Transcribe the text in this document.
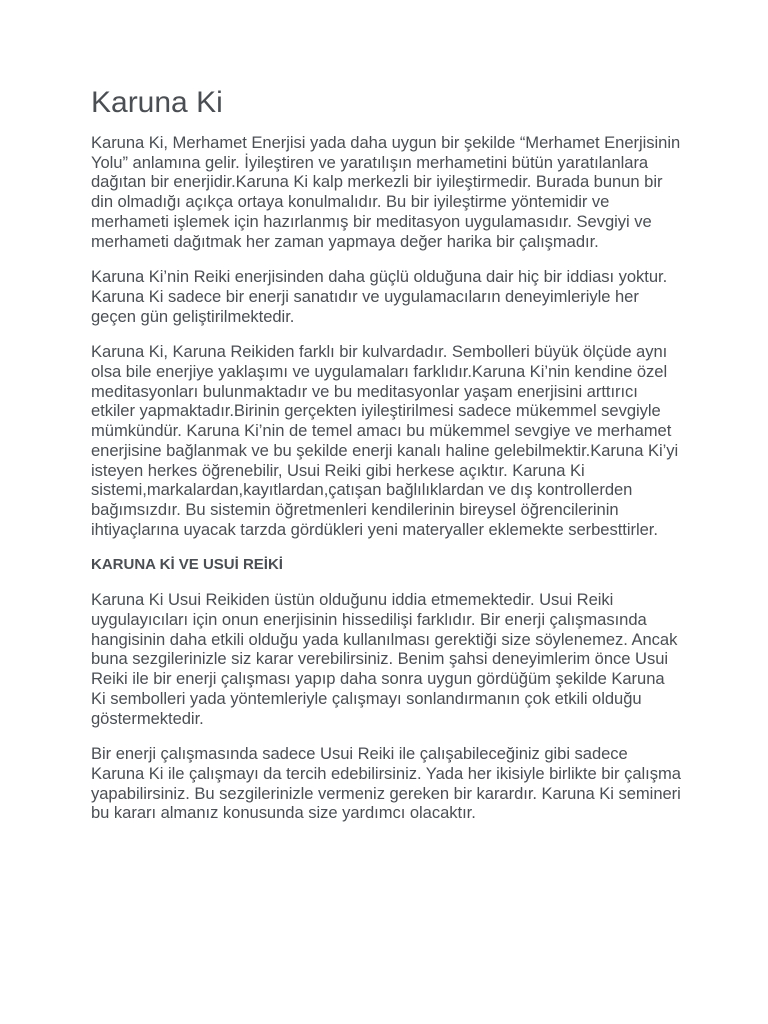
Karuna Ki

Karuna Ki, Merhamet Enerjisi yada daha uygun bir şekilde “Merhamet Enerjisinin Yolu” anlamına gelir. İyileştiren ve yaratılışın merhametini bütün yaratılanlara dağıtan bir enerjidir.Karuna Ki kalp merkezli bir iyileştirmedir. Burada bunun bir din olmadığı açıkça ortaya konulmalıdır. Bu bir iyileştirme yöntemidir ve merhameti işlemek için hazırlanmış bir meditasyon uygulamasıdır. Sevgiyi ve merhameti dağıtmak her zaman yapmaya değer harika bir çalışmadır.

Karuna Ki’nin Reiki enerjisinden daha güçlü olduğuna dair hiç bir iddiası yoktur. Karuna Ki sadece bir enerji sanatıdır ve uygulamacıların deneyimleriyle her geçen gün geliştirilmektedir.

Karuna Ki, Karuna Reikiden farklı bir kulvardadır. Sembolleri büyük ölçüde aynı olsa bile enerjiye yaklaşımı ve uygulamaları farklıdır.Karuna Ki’nin kendine özel meditasyonları bulunmaktadır ve bu meditasyonlar yaşam enerjisini arttırıcı etkiler yapmaktadır.Birinin gerçekten iyileştirilmesi sadece mükemmel sevgiyle mümkündür. Karuna Ki’nin de temel amacı bu mükemmel sevgiye ve merhamet enerjisine bağlanmak ve bu şekilde enerji kanalı haline gelebilmektir.Karuna Ki’yi isteyen herkes öğrenebilir, Usui Reiki gibi herkese açıktır. Karuna Ki sistemi,markalardan,kayıtlardan,çatışan bağlılıklardan ve dış kontrollerden bağımsızdır. Bu sistemin öğretmenleri kendilerinin bireysel öğrencilerinin ihtiyaçlarına uyacak tarzda gördükleri yeni materyaller eklemekte serbesttirler.

KARUNA Kİ VE USUİ REİKİ

Karuna Ki Usui Reikiden üstün olduğunu iddia etmemektedir. Usui Reiki uygulayıcıları için onun enerjisinin hissedilişi farklıdır. Bir enerji çalışmasında hangisinin daha etkili olduğu yada kullanılması gerektiği size söylenemez. Ancak buna sezgilerinizle siz karar verebilirsiniz. Benim şahsi deneyimlerim önce Usui Reiki ile bir enerji çalışması yapıp daha sonra uygun gördüğüm şekilde Karuna Ki sembolleri yada yöntemleriyle çalışmayı sonlandırmanın çok etkili olduğu göstermektedir.

Bir enerji çalışmasında sadece Usui Reiki ile çalışabileceğiniz gibi sadece Karuna Ki ile çalışmayı da tercih edebilirsiniz. Yada her ikisiyle birlikte bir çalışma yapabilirsiniz. Bu sezgilerinizle vermeniz gereken bir karardır. Karuna Ki semineri bu kararı almanız konusunda size yardımcı olacaktır.
